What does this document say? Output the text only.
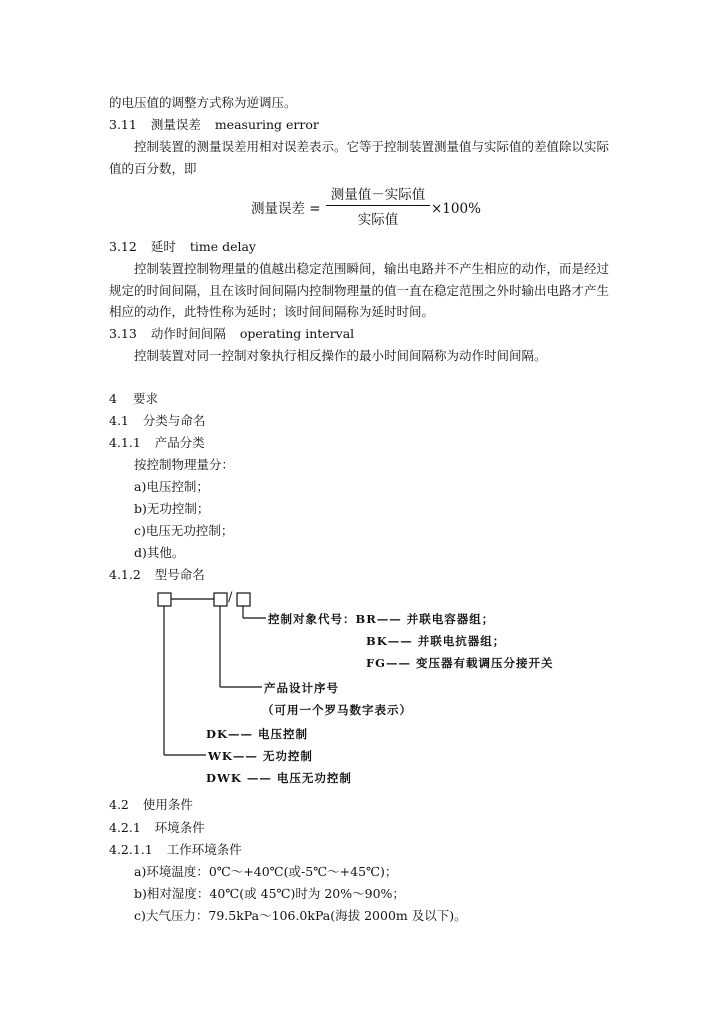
的电压值的调整方式称为逆调压。
3.11 测量误差 measuring error
控制装置的测量误差用相对误差表示。它等于控制装置测量值与实际值的差值除以实际
值的百分数，即
测量误差 =
测量值－实际值
实际值
×100%
3.12 延时 time delay
控制装置控制物理量的值越出稳定范围瞬间，输出电路并不产生相应的动作，而是经过
规定的时间间隔，且在该时间间隔内控制物理量的值一直在稳定范围之外时输出电路才产生
相应的动作，此特性称为延时；该时间间隔称为延时时间。
3.13 动作时间间隔 operating interval
控制装置对同一控制对象执行相反操作的最小时间间隔称为动作时间间隔。
4 要求
4.1 分类与命名
4.1.1 产品分类
按控制物理量分：
a)电压控制；
b)无功控制；
c)电压无功控制；
d)其他。
4.1.2 型号命名
/
控制对象代号：BR—— 并联电容器组；
BK—— 并联电抗器组；
FG—— 变压器有载调压分接开关
产品设计序号
（可用一个罗马数字表示）
DK—— 电压控制
WK—— 无功控制
DWK —— 电压无功控制
4.2 使用条件
4.2.1 环境条件
4.2.1.1 工作环境条件
a)环境温度：0℃～+40℃(或-5℃～+45℃)；
b)相对湿度：40℃(或 45℃)时为 20%～90%；
c)大气压力：79.5kPa～106.0kPa(海拔 2000m 及以下)。
